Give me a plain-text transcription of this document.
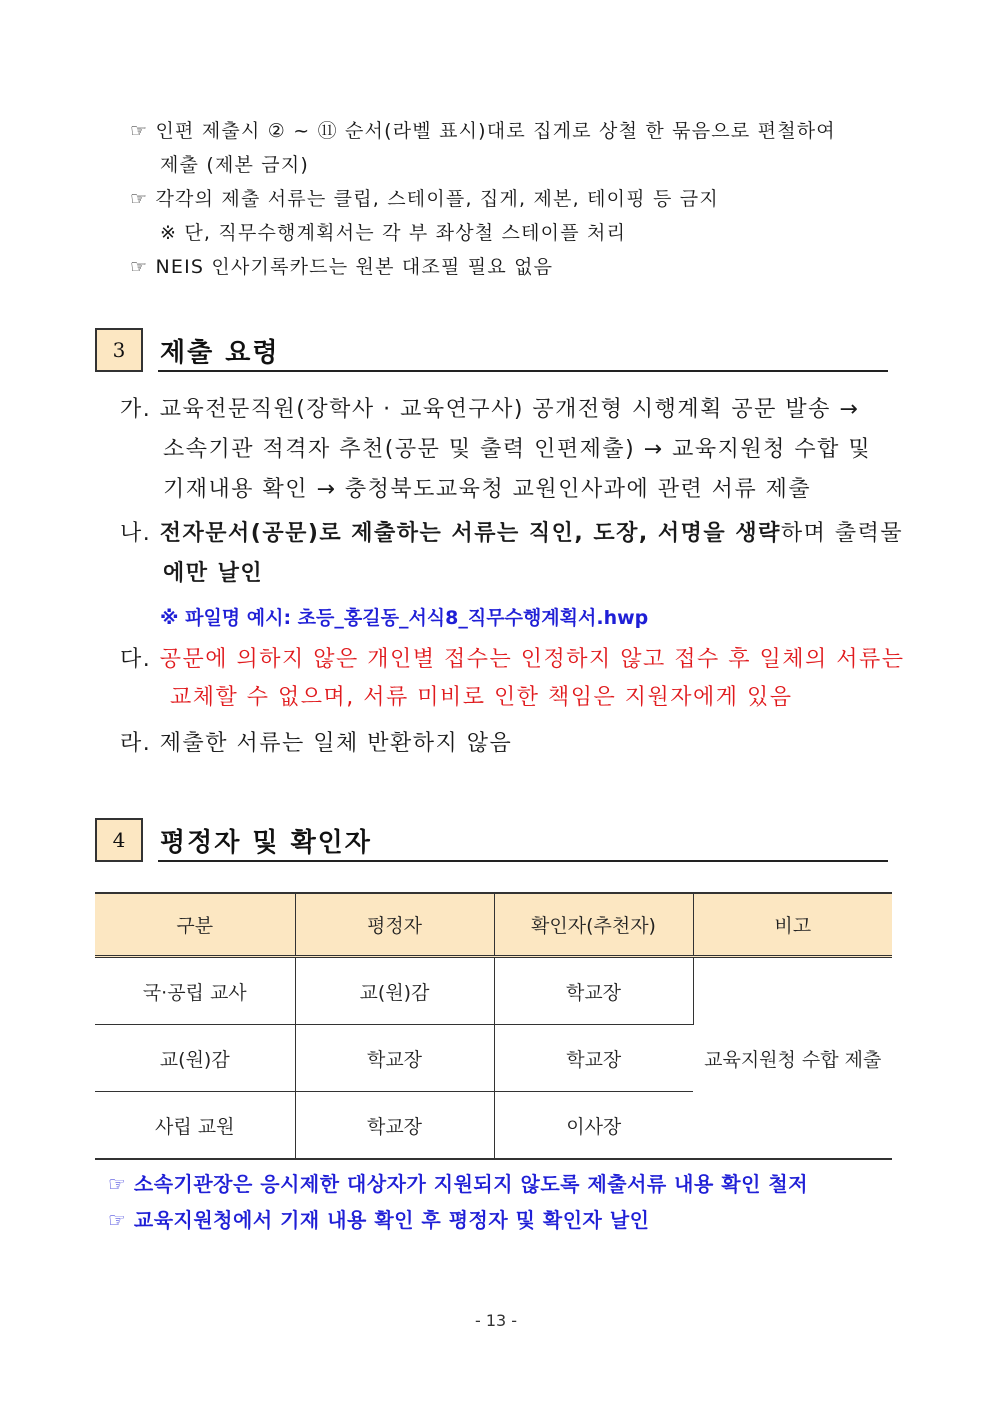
☞ 인편 제출시 ② ~ ⑪ 순서(라벨 표시)대로 집게로 상철 한 묶음으로 편철하여
제출 (제본 금지)
☞ 각각의 제출 서류는 클립, 스테이플, 집게, 제본, 테이핑 등 금지
※ 단, 직무수행계획서는 각 부 좌상철 스테이플 처리
☞ NEIS 인사기록카드는 원본 대조필 필요 없음
3	제출 요령
가. 교육전문직원(장학사 · 교육연구사) 공개전형 시행계획 공문 발송 →
소속기관 적격자 추천(공문 및 출력 인편제출) → 교육지원청 수합 및
기재내용 확인 → 충청북도교육청 교원인사과에 관련 서류 제출
나. 전자문서(공문)로 제출하는 서류는 직인, 도장, 서명을 생략하며 출력물
에만 날인
※ 파일명 예시: 초등_홍길동_서식8_직무수행계획서.hwp
다. 공문에 의하지 않은 개인별 접수는 인정하지 않고 접수 후 일체의 서류는
교체할 수 없으며, 서류 미비로 인한 책임은 지원자에게 있음
라. 제출한 서류는 일체 반환하지 않음
4	평정자 및 확인자
구분	평정자	확인자(추천자)	비고
국·공립 교사	교(원)감	학교장	교육지원청 수합 제출
교(원)감	학교장	학교장	
사립 교원	학교장	이사장	
☞ 소속기관장은 응시제한 대상자가 지원되지 않도록 제출서류 내용 확인 철저
☞ 교육지원청에서 기재 내용 확인 후 평정자 및 확인자 날인
- 13 -
